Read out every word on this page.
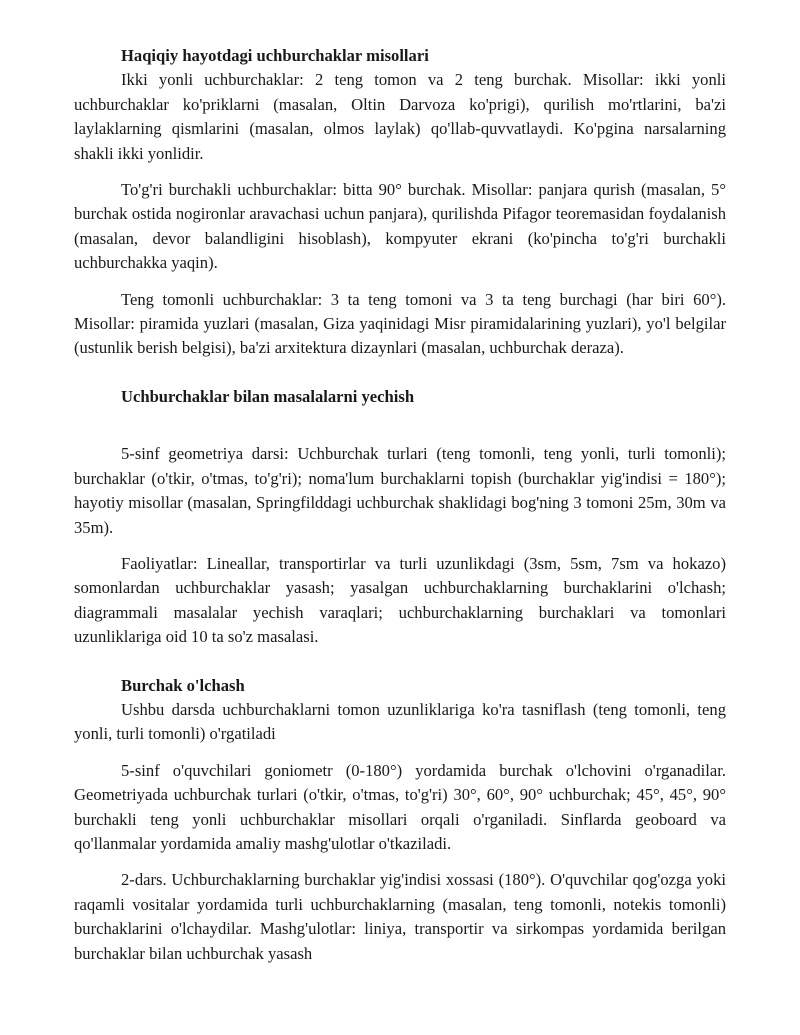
Haqiqiy hayotdagi uchburchaklar misollari

Ikki yonli uchburchaklar: 2 teng tomon va 2 teng burchak. Misollar: ikki yonli uchburchaklar ko'priklarni (masalan, Oltin Darvoza ko'prigi), qurilish mo'rtlarini, ba'zi laylaklarning qismlarini (masalan, olmos laylak) qo'llab-quvvatlaydi. Ko'pgina narsalarning shakli ikki yonlidir.

To'g'ri burchakli uchburchaklar: bitta 90° burchak. Misollar: panjara qurish (masalan, 5° burchak ostida nogironlar aravachasi uchun panjara), qurilishda Pifagor teoremasidan foydalanish (masalan, devor balandligini hisoblash), kompyuter ekrani (ko'pincha to'g'ri burchakli uchburchakka yaqin).

Teng tomonli uchburchaklar: 3 ta teng tomoni va 3 ta teng burchagi (har biri 60°). Misollar: piramida yuzlari (masalan, Giza yaqinidagi Misr piramidalarining yuzlari), yo'l belgilar (ustunlik berish belgisi), ba'zi arxitektura dizaynlari (masalan, uchburchak deraza).

Uchburchaklar bilan masalalarni yechish

5-sinf geometriya darsi: Uchburchak turlari (teng tomonli, teng yonli, turli tomonli); burchaklar (o'tkir, o'tmas, to'g'ri); noma'lum burchaklarni topish (burchaklar yig'indisi = 180°); hayotiy misollar (masalan, Springfilddagi uchburchak shaklidagi bog'ning 3 tomoni 25m, 30m va 35m).

Faoliyatlar: Lineallar, transportirlar va turli uzunlikdagi (3sm, 5sm, 7sm va hokazo) somonlardan uchburchaklar yasash; yasalgan uchburchaklarning burchaklarini o'lchash; diagrammali masalalar yechish varaqlari; uchburchaklarning burchaklari va tomonlari uzunliklariga oid 10 ta so'z masalasi.

Burchak o'lchash

Ushbu darsda uchburchaklarni tomon uzunliklariga ko'ra tasniflash (teng tomonli, teng yonli, turli tomonli) o'rgatiladi

5-sinf o'quvchilari goniometr (0-180°) yordamida burchak o'lchovini o'rganadilar. Geometriyada uchburchak turlari (o'tkir, o'tmas, to'g'ri) 30°, 60°, 90° uchburchak; 45°, 45°, 90° burchakli teng yonli uchburchaklar misollari orqali o'rganiladi. Sinflarda geoboard va qo'llanmalar yordamida amaliy mashg'ulotlar o'tkaziladi.

2-dars. Uchburchaklarning burchaklar yig'indisi xossasi (180°). O'quvchilar qog'ozga yoki raqamli vositalar yordamida turli uchburchaklarning (masalan, teng tomonli, notekis tomonli) burchaklarini o'lchaydilar. Mashg'ulotlar: liniya, transportir va sirkompas yordamida berilgan burchaklar bilan uchburchak yasash
